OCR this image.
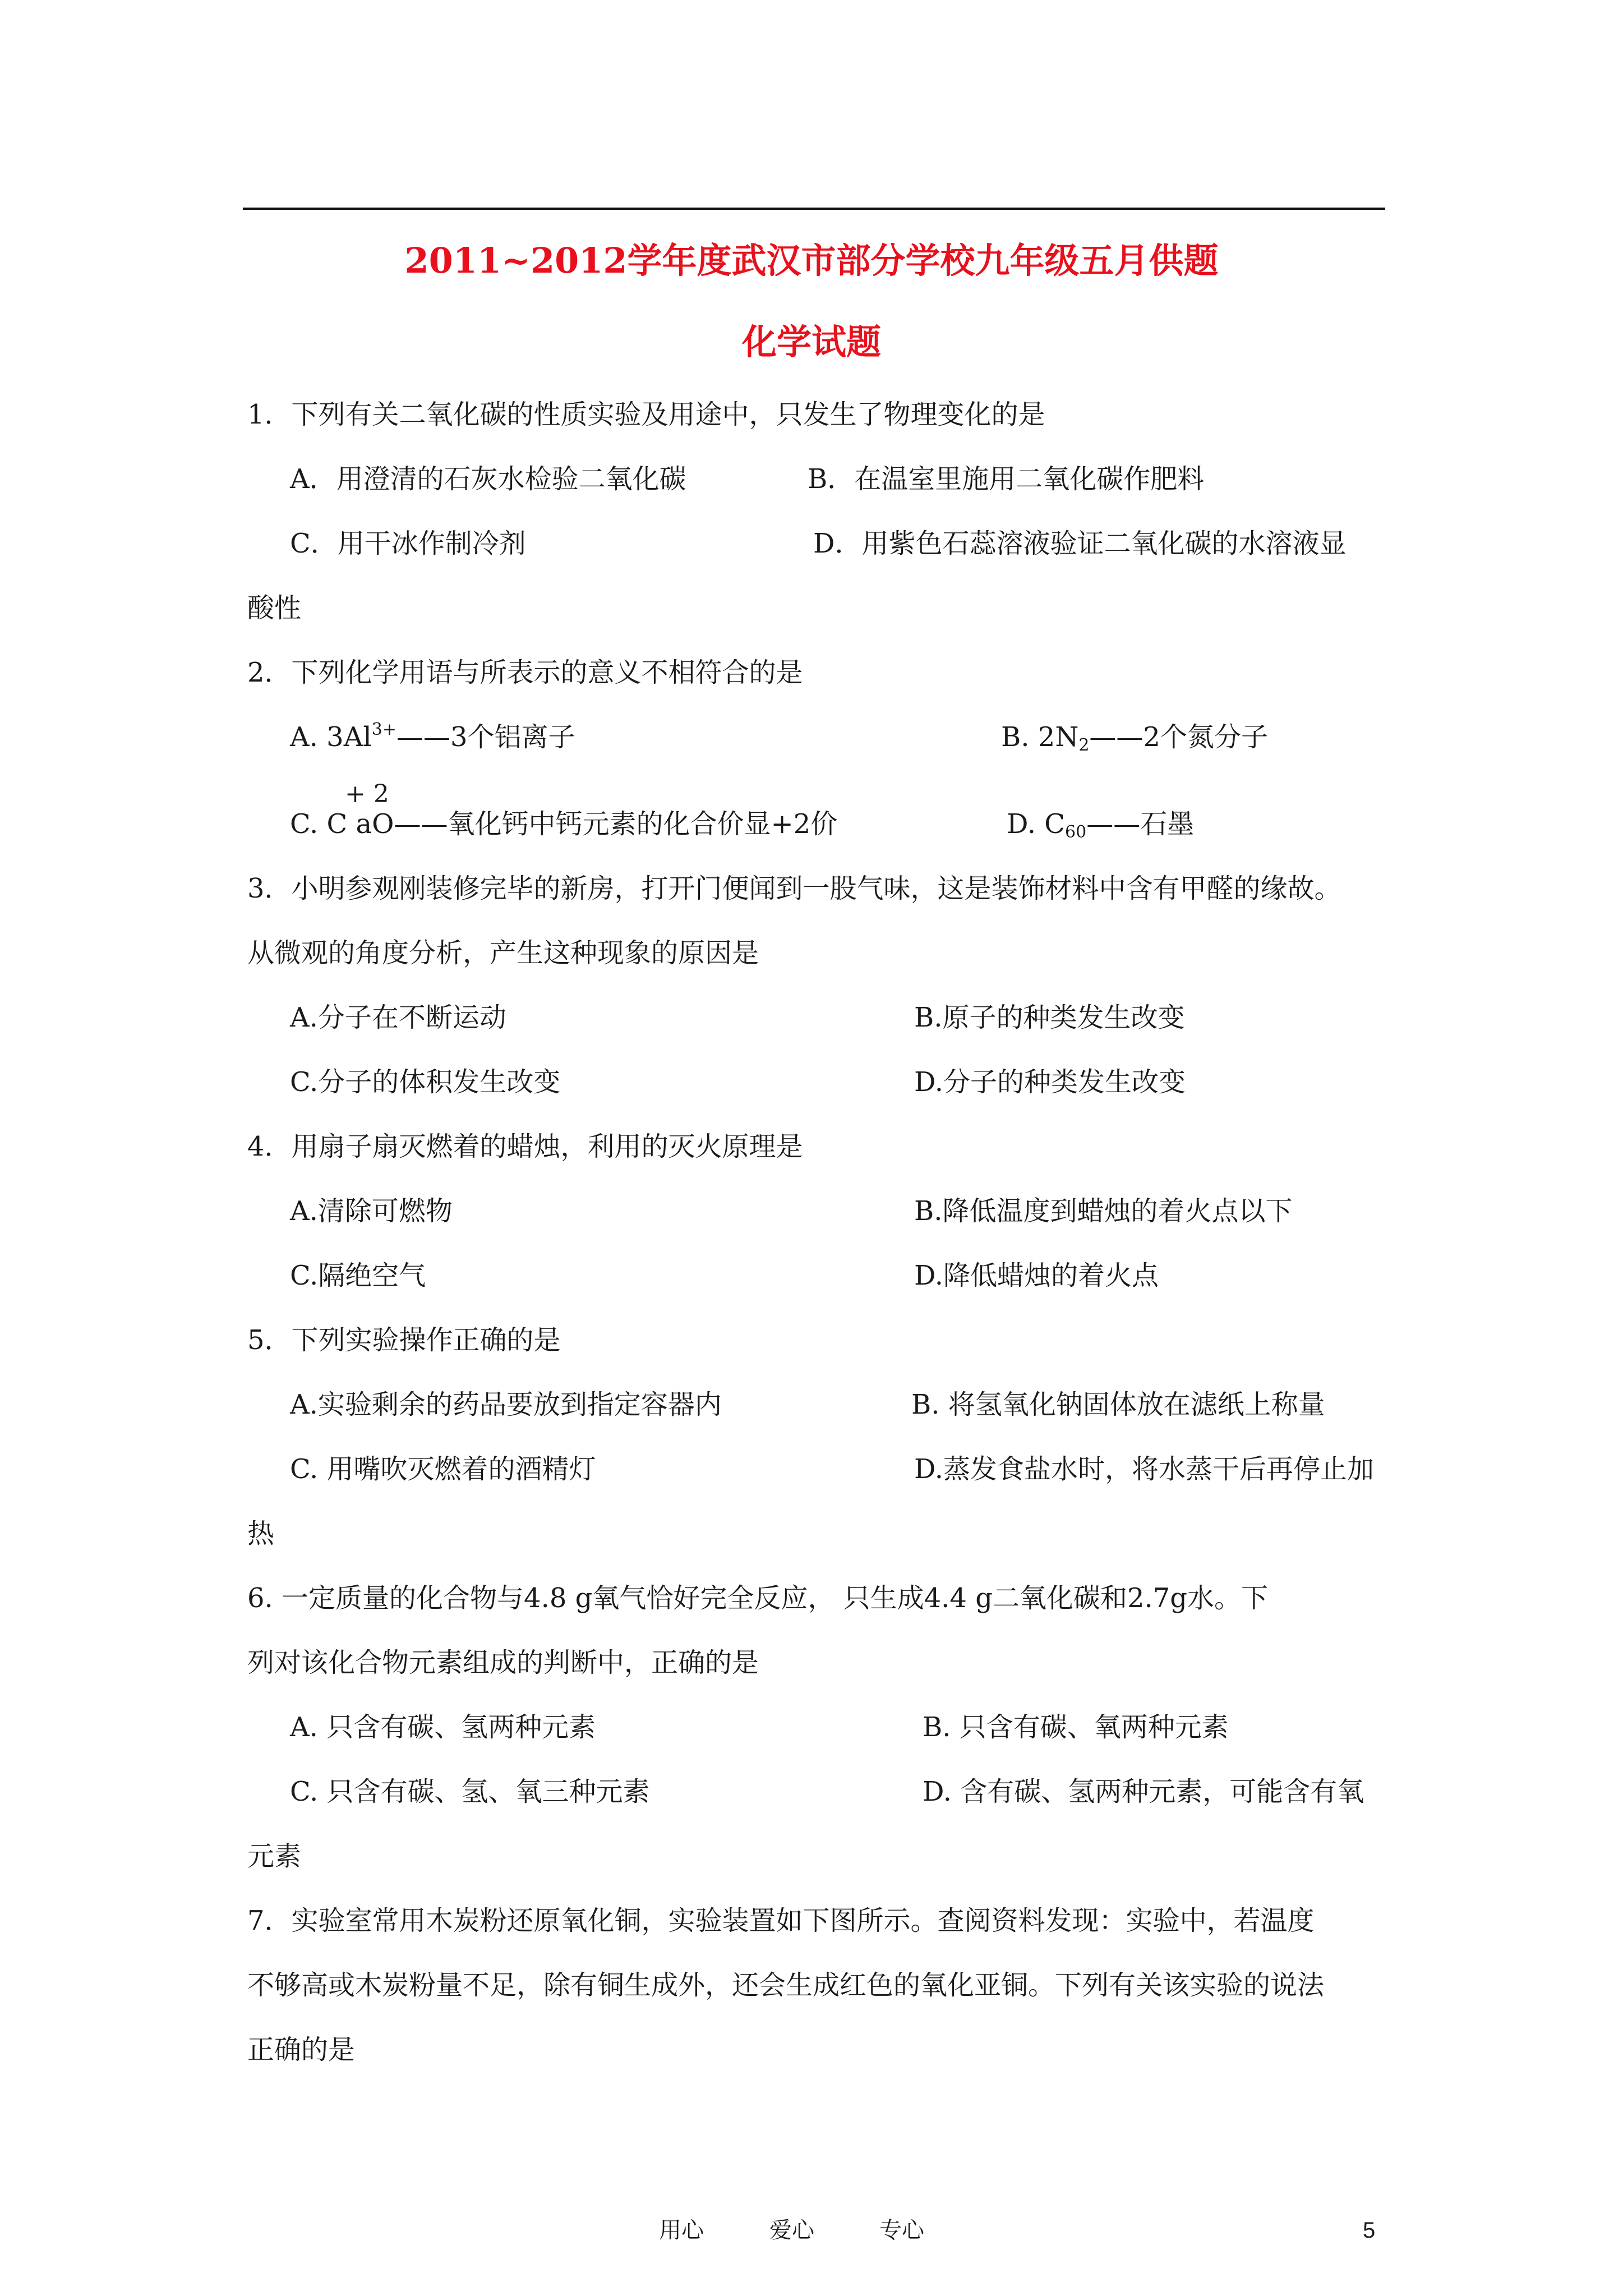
2011~2012学年度武汉市部分学校九年级五月供题
化学试题
1．下列有关二氧化碳的性质实验及用途中，只发生了物理变化的是
A．用澄清的石灰水检验二氧化碳	B．在温室里施用二氧化碳作肥料
C．用干冰作制冷剂	D．用紫色石蕊溶液验证二氧化碳的水溶液显
酸性
2．下列化学用语与所表示的意义不相符合的是
A. $3Al^{3+}——3$个铝离子	B. $2N_2——2$个氮分子
+ 2
C. C aO——氧化钙中钙元素的化合价显+2价	D. $C_{60}——$石墨
3．小明参观刚装修完毕的新房，打开门便闻到一股气味，这是装饰材料中含有甲醛的缘故。
从微观的角度分析，产生这种现象的原因是
A.分子在不断运动	B.原子的种类发生改变
C.分子的体积发生改变	D.分子的种类发生改变
4．用扇子扇灭燃着的蜡烛，利用的灭火原理是
A.清除可燃物	B.降低温度到蜡烛的着火点以下
C.隔绝空气	D.降低蜡烛的着火点
5．下列实验操作正确的是
A.实验剩余的药品要放到指定容器内	B. 将氢氧化钠固体放在滤纸上称量
C. 用嘴吹灭燃着的酒精灯	D.蒸发食盐水时，将水蒸干后再停止加
热
6. 一定质量的化合物与4.8 g氧气恰好完全反应， 只生成4.4 g二氧化碳和2.7g水。下
列对该化合物元素组成的判断中，正确的是
A. 只含有碳、氢两种元素	B. 只含有碳、氧两种元素
C. 只含有碳、氢、氧三种元素	D. 含有碳、氢两种元素，可能含有氧
元素
7．实验室常用木炭粉还原氧化铜，实验装置如下图所示。查阅资料发现：实验中，若温度
不够高或木炭粉量不足，除有铜生成外，还会生成红色的氧化亚铜。下列有关该实验的说法
正确的是
用心	爱心	专心	5
